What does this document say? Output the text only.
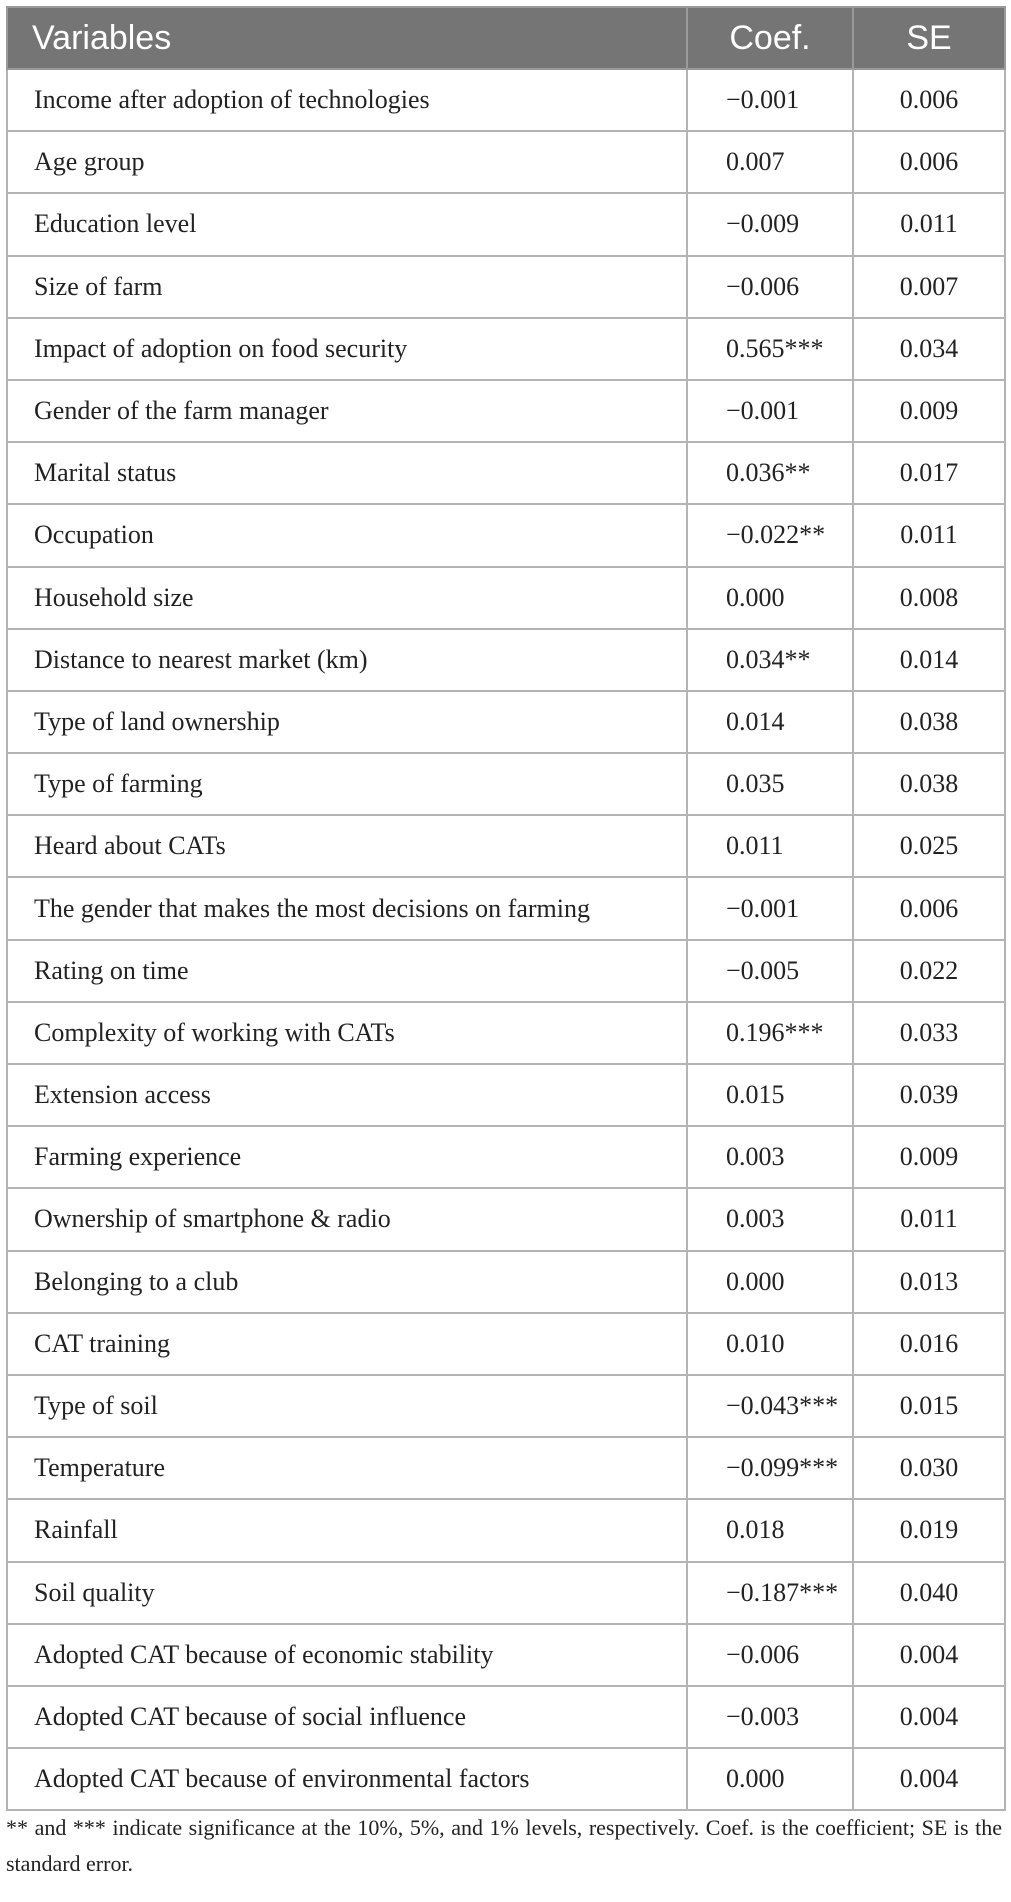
Variables	Coef.	SE
Income after adoption of technologies	−0.001	0.006
Age group	0.007	0.006
Education level	−0.009	0.011
Size of farm	−0.006	0.007
Impact of adoption on food security	0.565***	0.034
Gender of the farm manager	−0.001	0.009
Marital status	0.036**	0.017
Occupation	−0.022**	0.011
Household size	0.000	0.008
Distance to nearest market (km)	0.034**	0.014
Type of land ownership	0.014	0.038
Type of farming	0.035	0.038
Heard about CATs	0.011	0.025
The gender that makes the most decisions on farming	−0.001	0.006
Rating on time	−0.005	0.022
Complexity of working with CATs	0.196***	0.033
Extension access	0.015	0.039
Farming experience	0.003	0.009
Ownership of smartphone & radio	0.003	0.011
Belonging to a club	0.000	0.013
CAT training	0.010	0.016
Type of soil	−0.043***	0.015
Temperature	−0.099***	0.030
Rainfall	0.018	0.019
Soil quality	−0.187***	0.040
Adopted CAT because of economic stability	−0.006	0.004
Adopted CAT because of social influence	−0.003	0.004
Adopted CAT because of environmental factors	0.000	0.004
** and *** indicate significance at the 10%, 5%, and 1% levels, respectively. Coef. is the coefficient; SE is the standard error.
